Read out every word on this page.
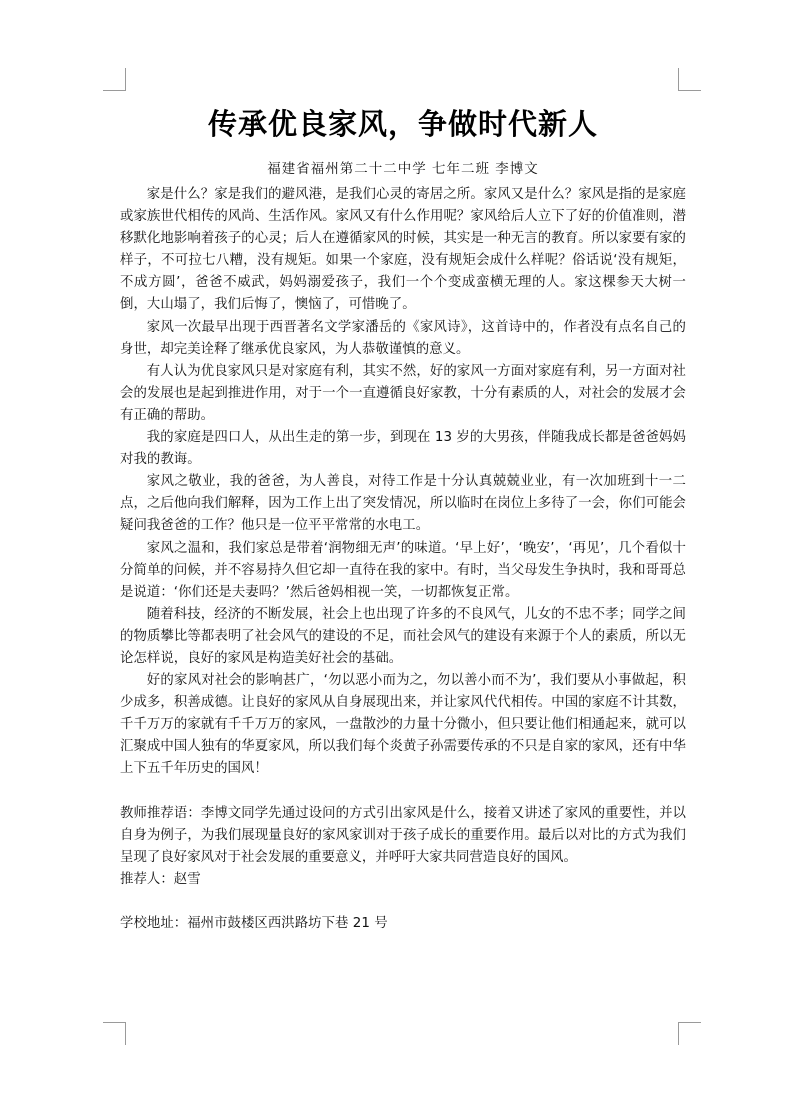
传承优良家风，争做时代新人
福建省福州第二十二中学 七年二班 李博文

家是什么？家是我们的避风港，是我们心灵的寄居之所。家风又是什么？家风是指的是家庭或家族世代相传的风尚、生活作风。家风又有什么作用呢？家风给后人立下了好的价值准则，潜移默化地影响着孩子的心灵；后人在遵循家风的时候，其实是一种无言的教育。所以家要有家的样子，不可拉七八糟，没有规矩。如果一个家庭，没有规矩会成什么样呢？俗话说‘没有规矩，不成方圆’，爸爸不威武，妈妈溺爱孩子，我们一个个变成蛮横无理的人。家这棵参天大树一倒，大山塌了，我们后悔了，懊恼了，可惜晚了。

家风一次最早出现于西晋著名文学家潘岳的《家风诗》，这首诗中的，作者没有点名自己的身世，却完美诠释了继承优良家风，为人恭敬谨慎的意义。

有人认为优良家风只是对家庭有利，其实不然，好的家风一方面对家庭有利，另一方面对社会的发展也是起到推进作用，对于一个一直遵循良好家教，十分有素质的人，对社会的发展才会有正确的帮助。

我的家庭是四口人，从出生走的第一步，到现在 13 岁的大男孩，伴随我成长都是爸爸妈妈对我的教诲。

家风之敬业，我的爸爸，为人善良，对待工作是十分认真兢兢业业，有一次加班到十一二点，之后他向我们解释，因为工作上出了突发情况，所以临时在岗位上多待了一会，你们可能会疑问我爸爸的工作？他只是一位平平常常的水电工。

家风之温和，我们家总是带着‘润物细无声’的味道。‘早上好’，‘晚安’，‘再见’，几个看似十分简单的问候，并不容易持久但它却一直待在我的家中。有时，当父母发生争执时，我和哥哥总是说道：‘你们还是夫妻吗？’然后爸妈相视一笑，一切都恢复正常。

随着科技，经济的不断发展，社会上也出现了许多的不良风气，儿女的不忠不孝；同学之间的物质攀比等都表明了社会风气的建设的不足，而社会风气的建设有来源于个人的素质，所以无论怎样说，良好的家风是构造美好社会的基础。

好的家风对社会的影响甚广，‘勿以恶小而为之，勿以善小而不为’，我们要从小事做起，积少成多，积善成德。让良好的家风从自身展现出来，并让家风代代相传。中国的家庭不计其数，千千万万的家就有千千万万的家风，一盘散沙的力量十分微小，但只要让他们相通起来，就可以汇聚成中国人独有的华夏家风，所以我们每个炎黄子孙需要传承的不只是自家的家风，还有中华上下五千年历史的国风！

教师推荐语：李博文同学先通过设问的方式引出家风是什么，接着又讲述了家风的重要性，并以自身为例子，为我们展现量良好的家风家训对于孩子成长的重要作用。最后以对比的方式为我们呈现了良好家风对于社会发展的重要意义，并呼吁大家共同营造良好的国风。

推荐人：赵雪

学校地址：福州市鼓楼区西洪路坊下巷 21 号
